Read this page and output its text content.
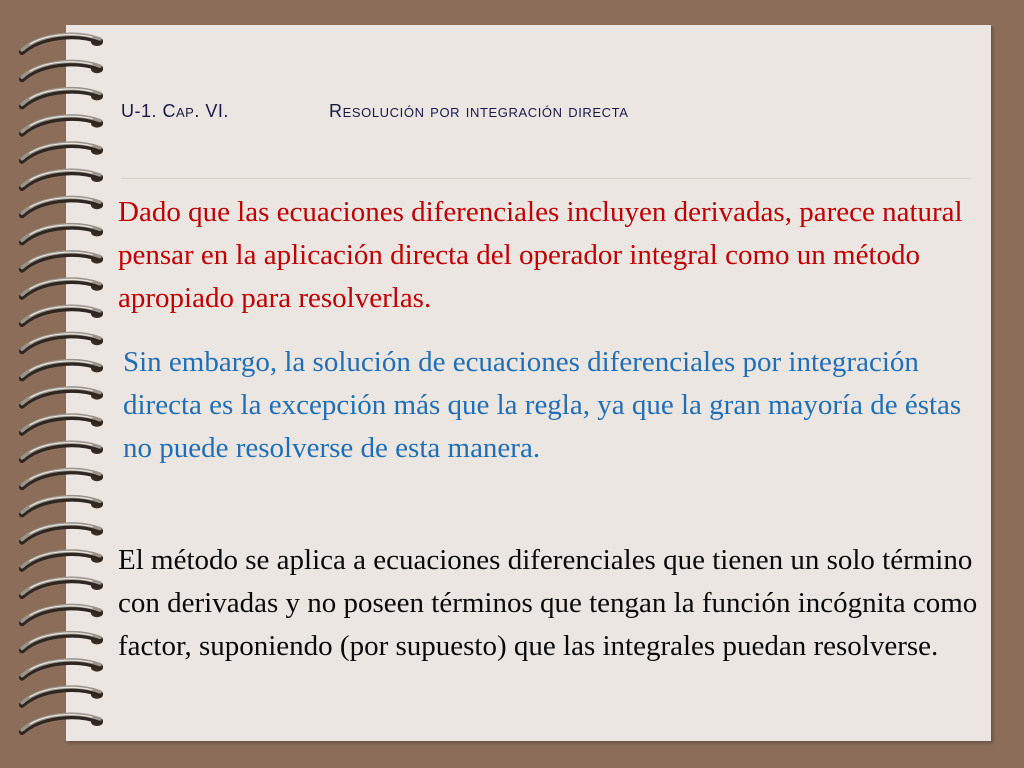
U-1. Cap. VI.	Resolución por integración directa

Dado que las ecuaciones diferenciales incluyen derivadas, parece natural pensar en la aplicación directa del operador integral como un método apropiado para resolverlas.

Sin embargo, la solución de ecuaciones diferenciales por integración directa es la excepción más que la regla, ya que la gran mayoría de éstas no puede resolverse de esta manera.

El método se aplica a ecuaciones diferenciales que tienen un solo término con derivadas y no poseen términos que tengan la función incógnita como factor, suponiendo (por supuesto) que las integrales puedan resolverse.
